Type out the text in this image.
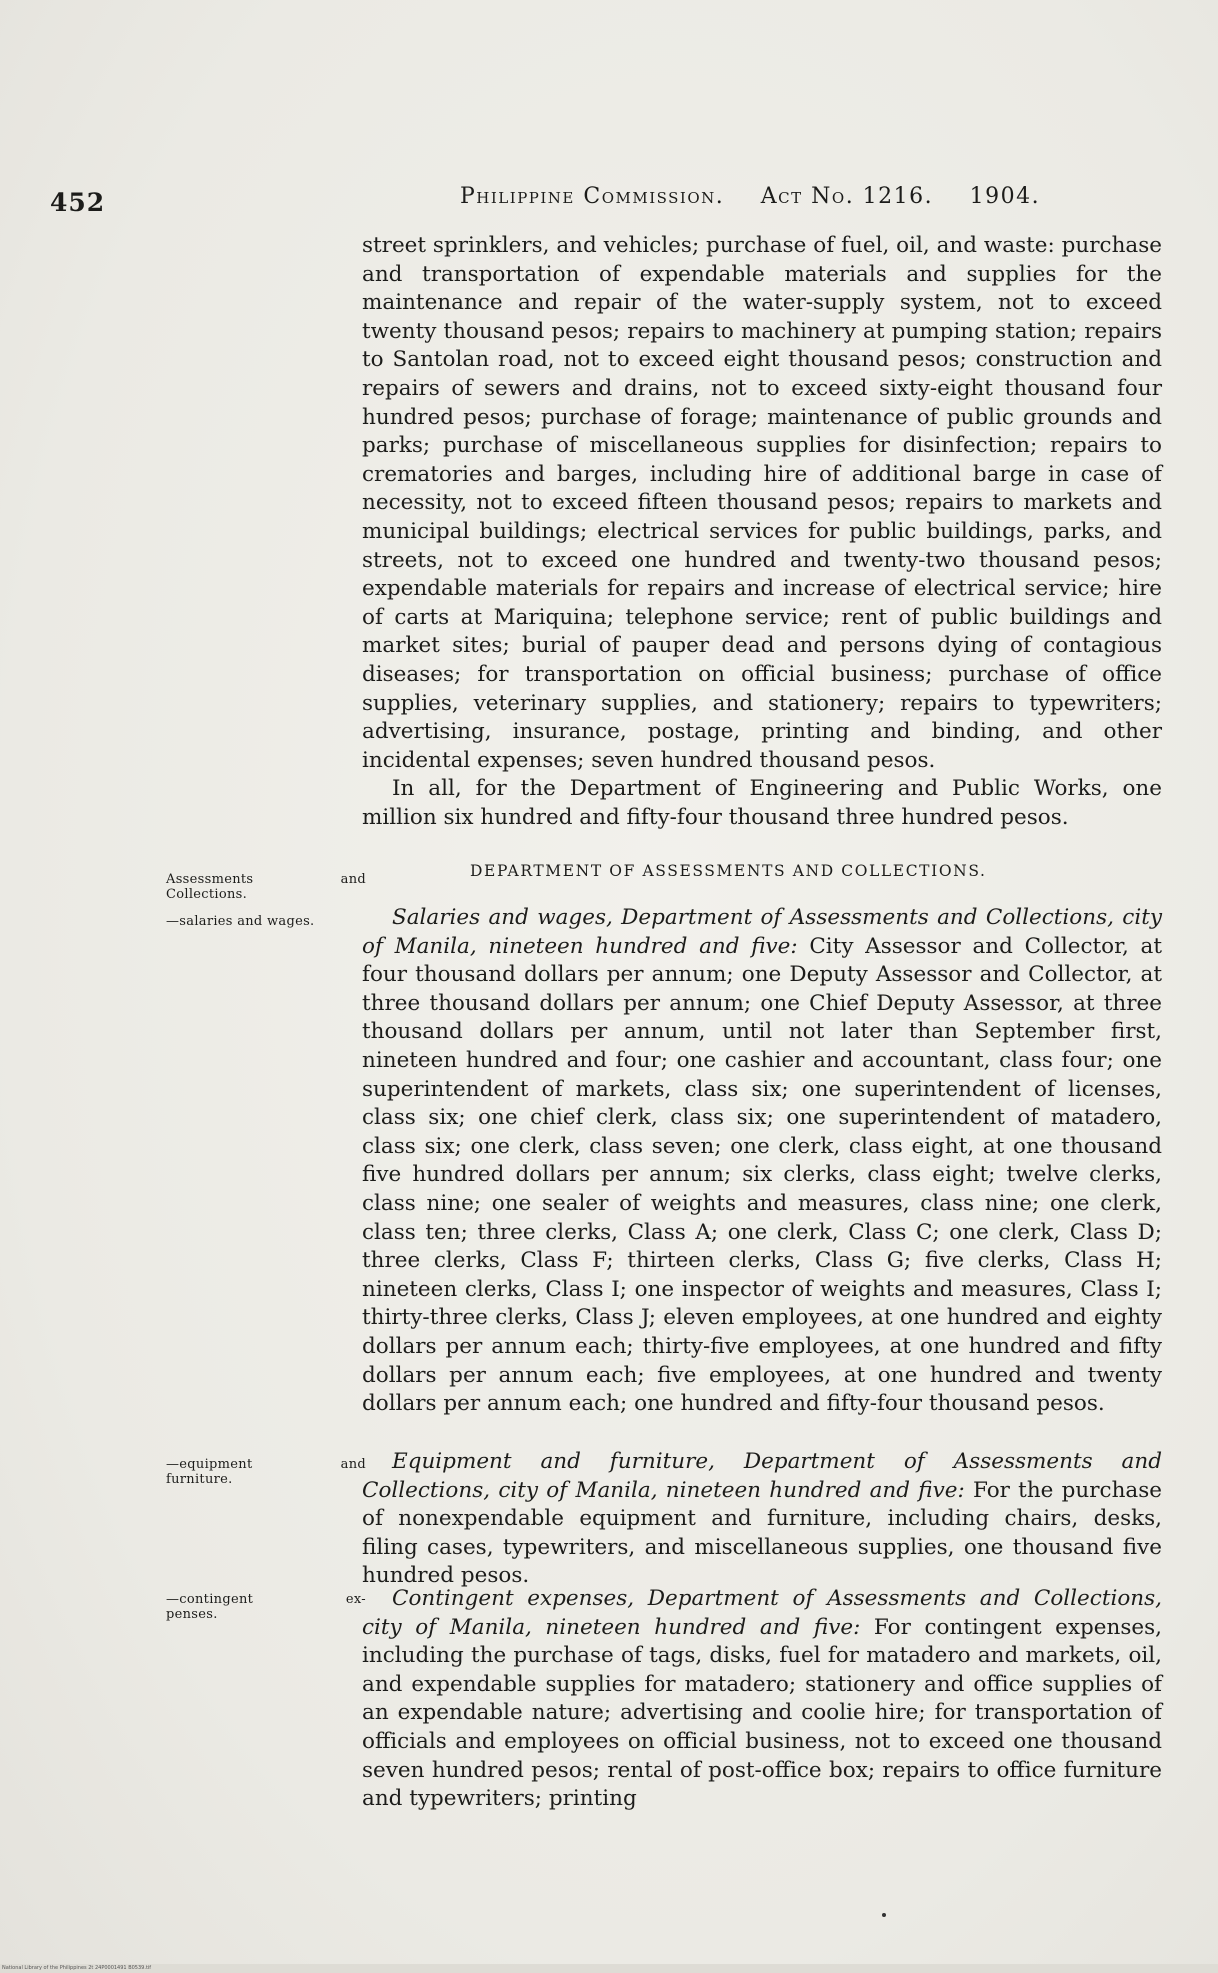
452	Philippine Commission. Act No. 1216. 1904.

street sprinklers, and vehicles; purchase of fuel, oil, and waste: purchase and transportation of expendable materials and supplies for the maintenance and repair of the water-supply system, not to exceed twenty thousand pesos; repairs to machinery at pumping station; repairs to Santolan road, not to exceed eight thousand pesos; construction and repairs of sewers and drains, not to exceed sixty-eight thousand four hundred pesos; purchase of forage; maintenance of public grounds and parks; purchase of miscellaneous supplies for disinfection; repairs to crematories and barges, including hire of additional barge in case of necessity, not to exceed fifteen thousand pesos; repairs to markets and municipal buildings; electrical services for public buildings, parks, and streets, not to exceed one hundred and twenty-two thousand pesos; expendable materials for repairs and increase of electrical service; hire of carts at Mariquina; telephone service; rent of public buildings and market sites; burial of pauper dead and persons dying of contagious diseases; for transportation on official business; purchase of office supplies, veterinary supplies, and stationery; repairs to typewriters; advertising, insurance, postage, printing and binding, and other incidental expenses; seven hundred thousand pesos.

In all, for the Department of Engineering and Public Works, one million six hundred and fifty-four thousand three hundred pesos.

Assessments	and
Collections.
DEPARTMENT OF ASSESSMENTS AND COLLECTIONS.
—salaries and wages.	Salaries and wages, Department of Assessments and Collections, city of Manila, nineteen hundred and five: City Assessor and Collector, at four thousand dollars per annum; one Deputy Assessor and Collector, at three thousand dollars per annum; one Chief Deputy Assessor, at three thousand dollars per annum, until not later than September first, nineteen hundred and four; one cashier and accountant, class four; one superintendent of markets, class six; one superintendent of licenses, class six; one chief clerk, class six; one superintendent of matadero, class six; one clerk, class seven; one clerk, class eight, at one thousand five hundred dollars per annum; six clerks, class eight; twelve clerks, class nine; one sealer of weights and measures, class nine; one clerk, class ten; three clerks, Class A; one clerk, Class C; one clerk, Class D; three clerks, Class F; thirteen clerks, Class G; five clerks, Class H; nineteen clerks, Class I; one inspector of weights and measures, Class I; thirty-three clerks, Class J; eleven employees, at one hundred and eighty dollars per annum each; thirty-five employees, at one hundred and fifty dollars per annum each; five employees, at one hundred and twenty dollars per annum each; one hundred and fifty-four thousand pesos.

—equipment	and
furniture.

Equipment and furniture, Department of Assessments and Collections, city of Manila, nineteen hundred and five: For the purchase of nonexpendable equipment and furniture, including chairs, desks, filing cases, typewriters, and miscellaneous supplies, one thousand five hundred pesos.

—contingent	ex-
penses.

Contingent expenses, Department of Assessments and Collections, city of Manila, nineteen hundred and five: For contingent expenses, including the purchase of tags, disks, fuel for matadero and markets, oil, and expendable supplies for matadero; stationery and office supplies of an expendable nature; advertising and coolie hire; for transportation of officials and employees on official business, not to exceed one thousand seven hundred pesos; rental of post-office box; repairs to office furniture and typewriters; printing

National Library of the Philippines 2t 24P0001491 B0539.tif
